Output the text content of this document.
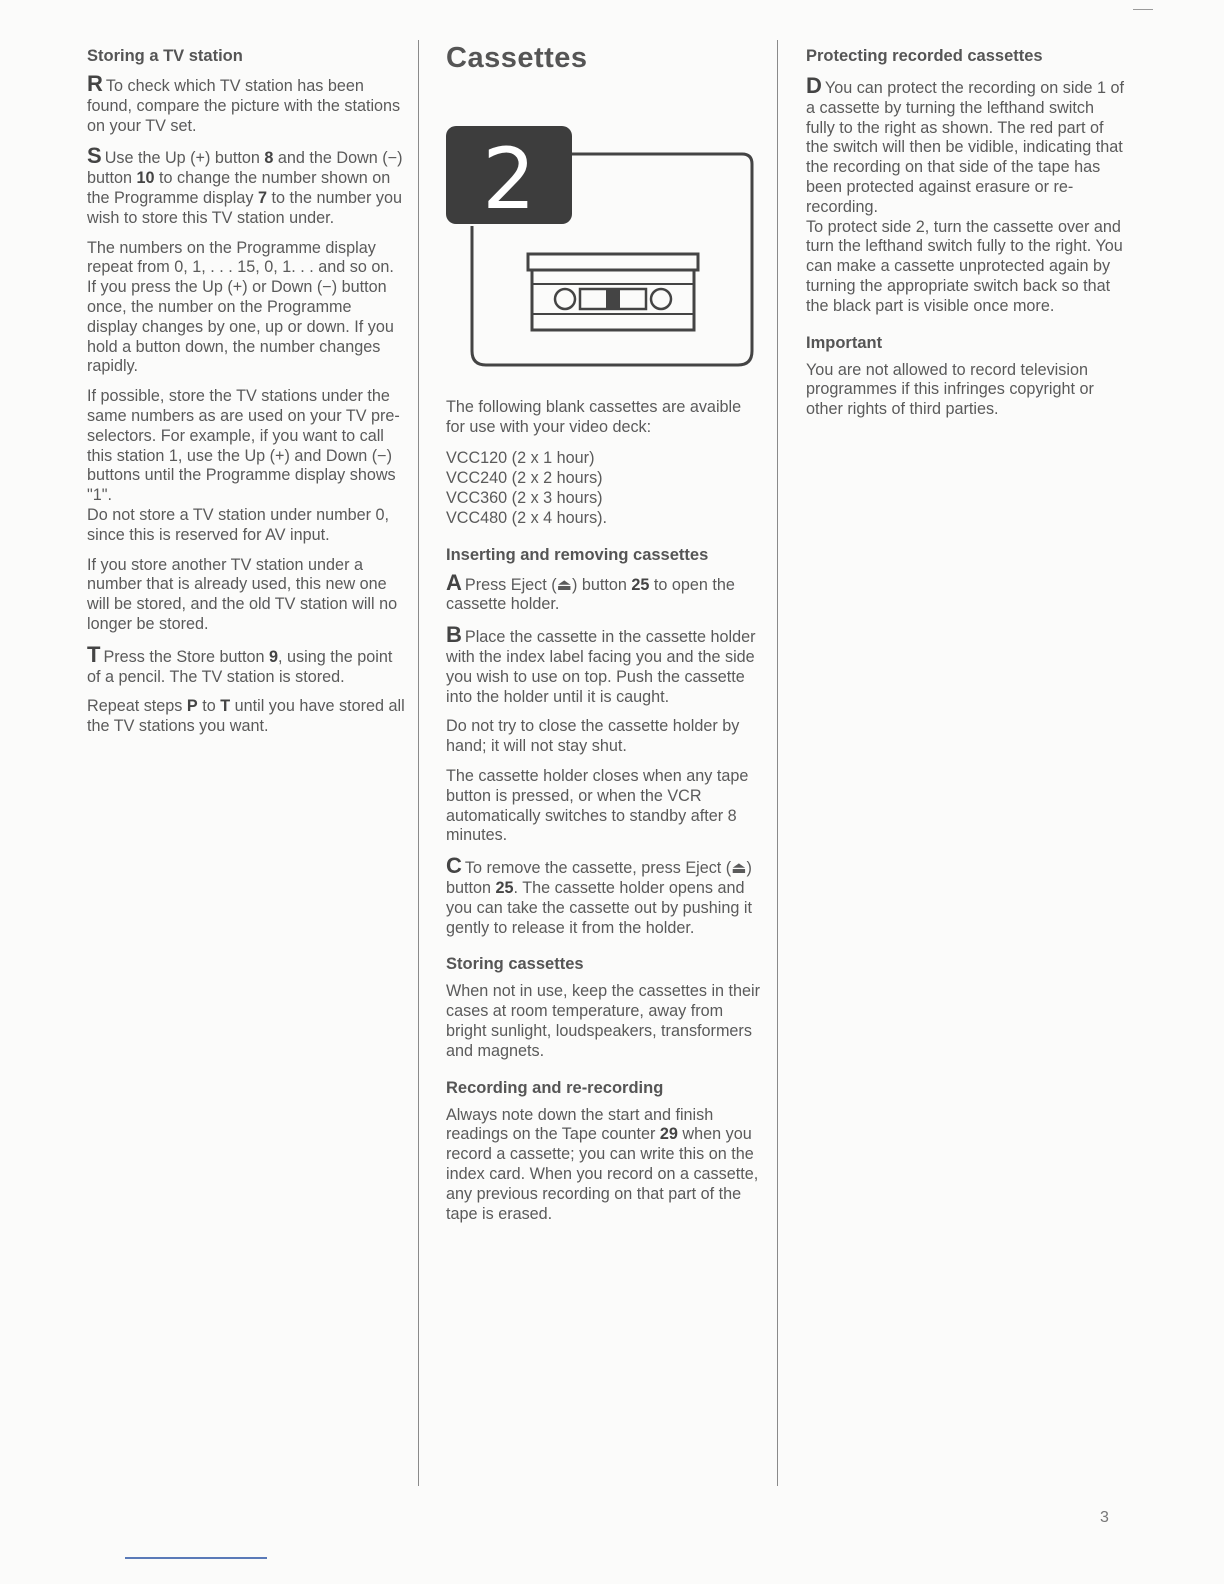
Storing a TV station

R To check which TV station has been found, compare the picture with the stations on your TV set.

S Use the Up (+) button 8 and the Down (−) button 10 to change the number shown on the Programme display 7 to the number you wish to store this TV station under.

The numbers on the Programme display repeat from 0, 1, . . . 15, 0, 1. . . and so on. If you press the Up (+) or Down (−) button once, the number on the Programme display changes by one, up or down. If you hold a button down, the number changes rapidly.

If possible, store the TV stations under the same numbers as are used on your TV pre-selectors. For example, if you want to call this station 1, use the Up (+) and Down (−) buttons until the Programme display shows "1".

Do not store a TV station under number 0, since this is reserved for AV input.

If you store another TV station under a number that is already used, this new one will be stored, and the old TV station will no longer be stored.

T Press the Store button 9, using the point of a pencil. The TV station is stored.

Repeat steps P to T until you have stored all the TV stations you want.

Cassettes
2

The following blank cassettes are avaible for use with your video deck:

VCC120 (2 x 1 hour)
VCC240 (2 x 2 hours)
VCC360 (2 x 3 hours)
VCC480 (2 x 4 hours).

Inserting and removing cassettes

A Press Eject (⏏) button 25 to open the cassette holder.

B Place the cassette in the cassette holder with the index label facing you and the side you wish to use on top. Push the cassette into the holder until it is caught.

Do not try to close the cassette holder by hand; it will not stay shut.

The cassette holder closes when any tape button is pressed, or when the VCR automatically switches to standby after 8 minutes.

C To remove the cassette, press Eject (⏏) button 25. The cassette holder opens and you can take the cassette out by pushing it gently to release it from the holder.

Storing cassettes

When not in use, keep the cassettes in their cases at room temperature, away from bright sunlight, loudspeakers, transformers and magnets.

Recording and re-recording

Always note down the start and finish readings on the Tape counter 29 when you record a cassette; you can write this on the index card. When you record on a cassette, any previous recording on that part of the tape is erased.

Protecting recorded cassettes

D You can protect the recording on side 1 of a cassette by turning the lefthand switch fully to the right as shown. The red part of the switch will then be vidible, indicating that the recording on that side of the tape has been protected against erasure or re-recording.

To protect side 2, turn the cassette over and turn the lefthand switch fully to the right. You can make a cassette unprotected again by turning the appropriate switch back so that the black part is visible once more.

Important

You are not allowed to record television programmes if this infringes copyright or other rights of third parties.

3
